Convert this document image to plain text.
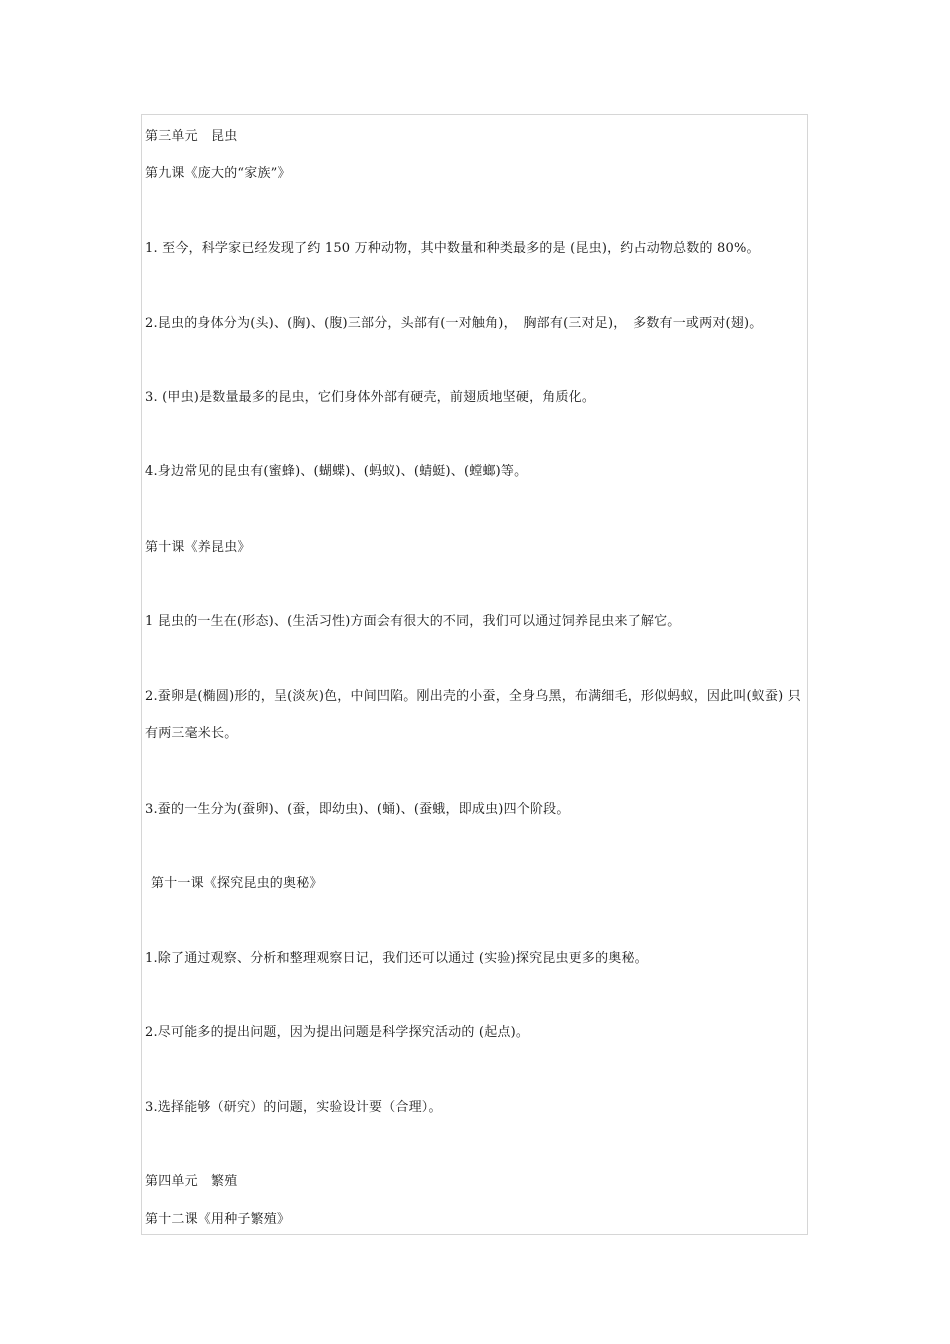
第三单元　昆虫
第九课《庞大的“家族”》
1. 至今，科学家已经发现了约 150 万种动物，其中数量和种类最多的是 (昆虫)，约占动物总数的 80%。
2.昆虫的身体分为(头)、(胸)、(腹)三部分，头部有(一对触角)，　胸部有(三对足)，　多数有一或两对(翅)。
3. (甲虫)是数量最多的昆虫，它们身体外部有硬壳，前翅质地坚硬，角质化。
4.身边常见的昆虫有(蜜蜂)、(蝴蝶)、(蚂蚁)、(蜻蜓)、(螳螂)等。
第十课《养昆虫》
1 昆虫的一生在(形态)、(生活习性)方面会有很大的不同，我们可以通过饲养昆虫来了解它。
2.蚕卵是(椭圆)形的，呈(淡灰)色，中间凹陷。刚出壳的小蚕，全身乌黑，布满细毛，形似蚂蚁，因此叫(蚁蚕) 只有两三毫米长。
3.蚕的一生分为(蚕卵)、(蚕，即幼虫)、(蛹)、(蚕蛾，即成虫)四个阶段。
第十一课《探究昆虫的奥秘》
1.除了通过观察、分析和整理观察日记，我们还可以通过 (实验)探究昆虫更多的奥秘。
2.尽可能多的提出问题，因为提出问题是科学探究活动的 (起点)。
3.选择能够（研究）的问题，实验设计要（合理）。
第四单元　繁殖
第十二课《用种子繁殖》
